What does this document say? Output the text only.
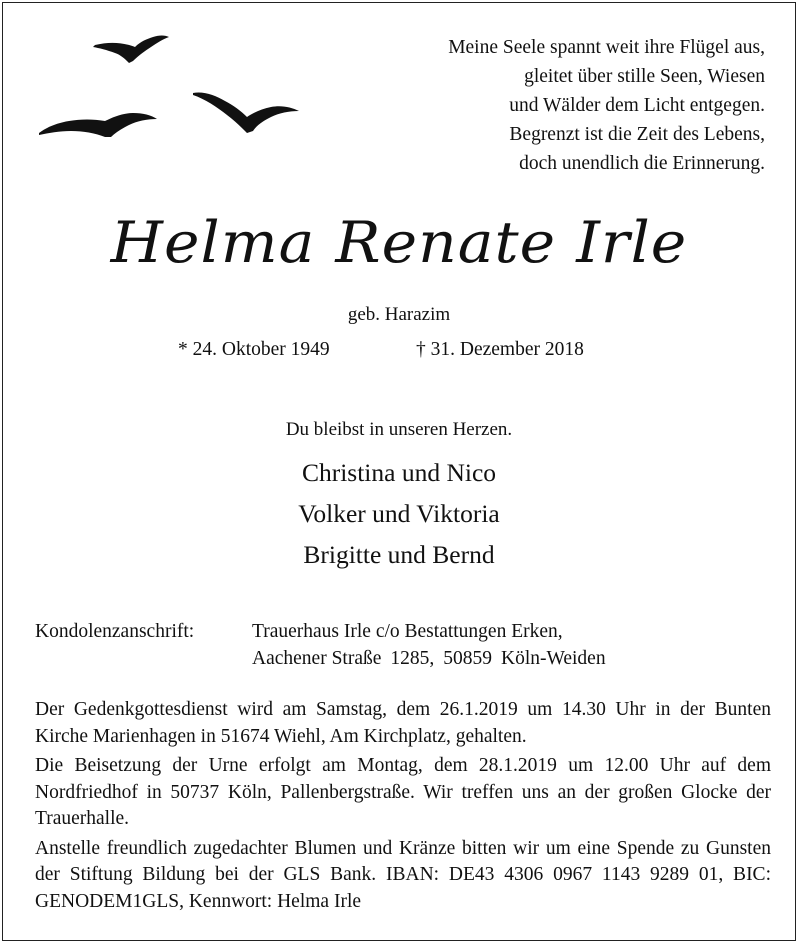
Meine Seele spannt weit ihre Flügel aus,
gleitet über stille Seen, Wiesen
und Wälder dem Licht entgegen.
Begrenzt ist die Zeit des Lebens,
doch unendlich die Erinnerung.
Helma Renate Irle
geb. Harazim
* 24. Oktober 1949	† 31. Dezember 2018
Du bleibst in unseren Herzen.
Christina und Nico
Volker und Viktoria
Brigitte und Bernd
Kondolenzanschrift:	Trauerhaus Irle c/o Bestattungen Erken,
Aachener Straße 1285, 50859 Köln-Weiden

Der Gedenkgottesdienst wird am Samstag, dem 26.1.2019 um 14.30 Uhr in der Bunten Kirche Marienhagen in 51674 Wiehl, Am Kirchplatz, gehalten.

Die Beisetzung der Urne erfolgt am Montag, dem 28.1.2019 um 12.00 Uhr auf dem Nordfriedhof in 50737 Köln, Pallenbergstraße. Wir treffen uns an der großen Glocke der Trauerhalle.

Anstelle freundlich zugedachter Blumen und Kränze bitten wir um eine Spende zu Gunsten der Stiftung Bildung bei der GLS Bank. IBAN: DE43 4306 0967 1143 9289 01, BIC: GENODEM1GLS, Kennwort: Helma Irle
